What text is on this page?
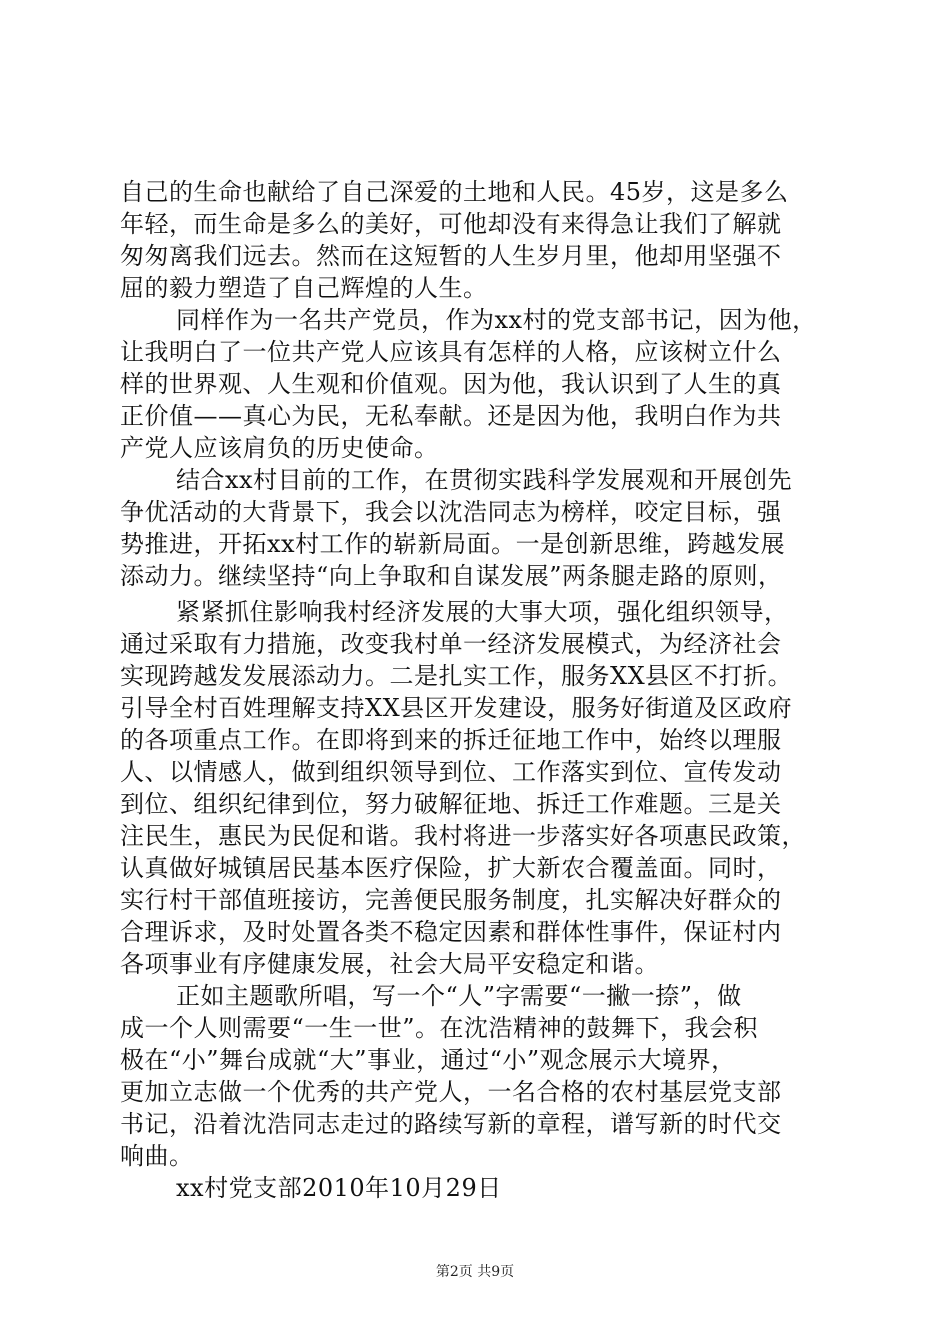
自己的生命也献给了自己深爱的土地和人民。45岁，这是多么
年轻，而生命是多么的美好，可他却没有来得急让我们了解就
匆匆离我们远去。然而在这短暂的人生岁月里，他却用坚强不
屈的毅力塑造了自己辉煌的人生。
同样作为一名共产党员，作为xx村的党支部书记，因为他，
让我明白了一位共产党人应该具有怎样的人格，应该树立什么
样的世界观、人生观和价值观。因为他，我认识到了人生的真
正价值——真心为民，无私奉献。还是因为他，我明白作为共
产党人应该肩负的历史使命。
结合xx村目前的工作，在贯彻实践科学发展观和开展创先
争优活动的大背景下，我会以沈浩同志为榜样，咬定目标，强
势推进，开拓xx村工作的崭新局面。一是创新思维，跨越发展
添动力。继续坚持“向上争取和自谋发展”两条腿走路的原则，
紧紧抓住影响我村经济发展的大事大项，强化组织领导，
通过采取有力措施，改变我村单一经济发展模式，为经济社会
实现跨越发发展添动力。二是扎实工作，服务XX县区不打折。
引导全村百姓理解支持XX县区开发建设，服务好街道及区政府
的各项重点工作。在即将到来的拆迁征地工作中，始终以理服
人、以情感人，做到组织领导到位、工作落实到位、宣传发动
到位、组织纪律到位，努力破解征地、拆迁工作难题。三是关
注民生，惠民为民促和谐。我村将进一步落实好各项惠民政策，
认真做好城镇居民基本医疗保险，扩大新农合覆盖面。同时，
实行村干部值班接访，完善便民服务制度，扎实解决好群众的
合理诉求，及时处置各类不稳定因素和群体性事件，保证村内
各项事业有序健康发展，社会大局平安稳定和谐。
正如主题歌所唱，写一个“人”字需要“一撇一捺”，做
成一个人则需要“一生一世”。在沈浩精神的鼓舞下，我会积
极在“小”舞台成就“大”事业，通过“小”观念展示大境界，
更加立志做一个优秀的共产党人，一名合格的农村基层党支部
书记，沿着沈浩同志走过的路续写新的章程，谱写新的时代交
响曲。
xx村党支部2010年10月29日
第2页 共9页
